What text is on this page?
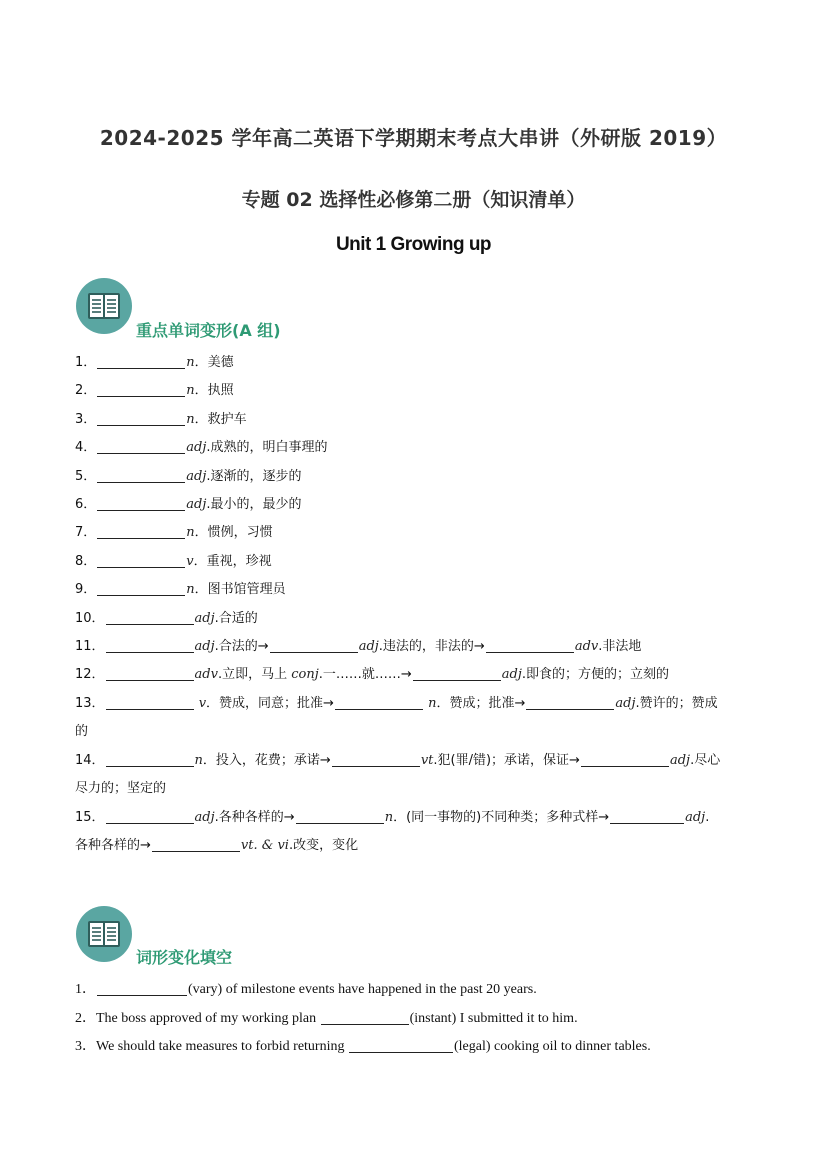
2024-2025 学年高二英语下学期期末考点大串讲（外研版 2019）
专题 02 选择性必修第二册（知识清单）
Unit 1 Growing up
重点单词变形(A 组)
1．	n．美德
2．	n．执照
3．	n．救护车
4．	adj.成熟的，明白事理的
5．	adj.逐渐的，逐步的
6．	adj.最小的，最少的
7．	n．惯例，习惯
8．	v．重视，珍视
9．	n．图书馆管理员
10．	adj.合适的
11．	adj.合法的→	adj.违法的，非法的→	adv.非法地
12．	adv.立即，马上 conj.一……就……→	adj.即食的；方便的；立刻的
13．	v．赞成，同意；批准→	n．赞成；批准→	adj.赞许的；赞成
的
14．	n．投入，花费；承诺→	vt.犯(罪/错)；承诺，保证→	adj.尽心
尽力的；坚定的
15．	adj.各种各样的→	n．(同一事物的)不同种类；多种式样→	adj.
各种各样的→	vt. & vi.改变，变化
词形变化填空
1．	(vary) of milestone events have happened in the past 20 years.
2．The boss approved of my working plan	(instant) I submitted it to him.
3．We should take measures to forbid returning	(legal) cooking oil to dinner tables.
